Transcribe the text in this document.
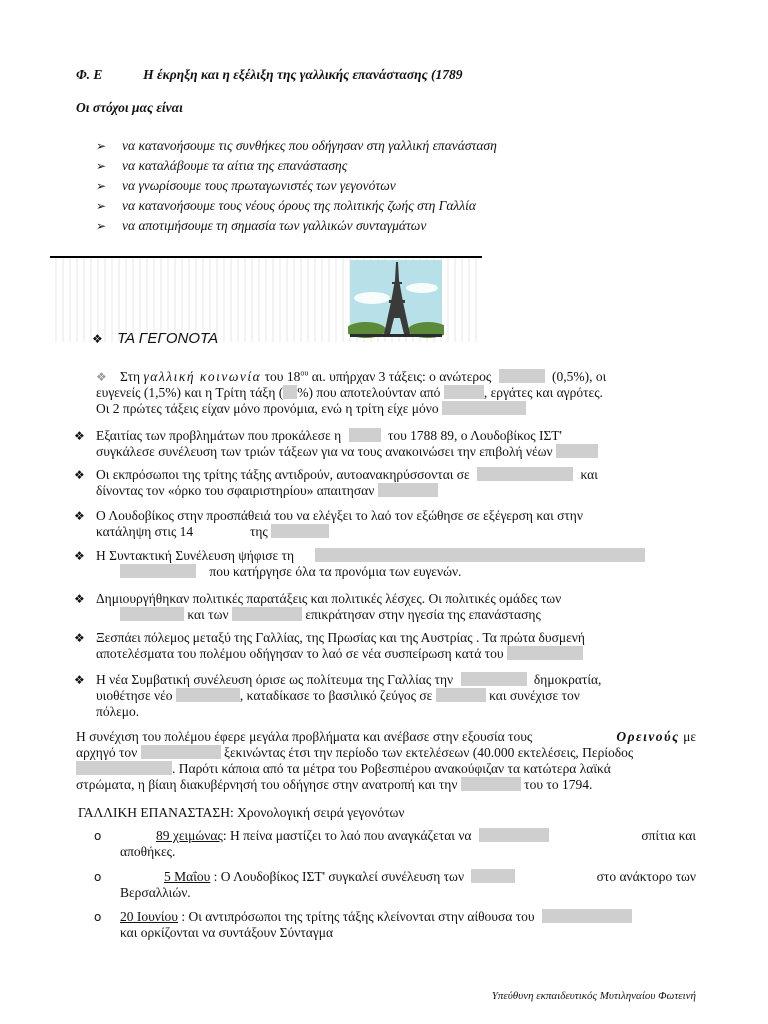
Φ. Ε	Η έκρηξη και η εξέλιξη της γαλλικής επανάστασης (1789
Οι στόχοι μας είναι
➢ να κατανοήσουμε τις συνθήκες που οδήγησαν στη γαλλική επανάσταση
➢ να καταλάβουμε τα αίτια της επανάστασης
➢ να γνωρίσουμε τους πρωταγωνιστές των γεγονότων
➢ να κατανοήσουμε τους νέους όρους της πολιτικής ζωής στη Γαλλία
➢ να αποτιμήσουμε τη σημασία των γαλλικών συνταγμάτων
❖ ΤΑ ΓΕΓΟΝΟΤΑ
❖ Στη γαλλική κοινωνία του $18^{o\upsilon}$ αι. υπήρχαν 3 τάξεις: ο ανώτερος	(0,5%), οι
ευγενείς (1,5%) και η Τρίτη τάξη ( %) που αποτελούνταν από	, εργάτες και αγρότες.
Οι 2 πρώτες τάξεις είχαν μόνο προνόμια, ενώ η τρίτη είχε μόνο
❖ Εξαιτίας των προβλημάτων που προκάλεσε η	του 1788 89, ο Λουδοβίκος ΙΣΤ'
συγκάλεσε συνέλευση των τριών τάξεων για να τους ανακοινώσει την επιβολή νέων
❖ Οι εκπρόσωποι της τρίτης τάξης αντιδρούν, αυτοανακηρύσσονται σε	και
δίνοντας τον «όρκο του σφαιριστηρίου» απαιτησαν
❖ Ο Λουδοβίκος στην προσπάθειά του να ελέγξει το λαό τον εξώθησε σε εξέγερση και στην
κατάληψη στις 14	της
❖ Η Συντακτική Συνέλευση ψήφισε τη
που κατήργησε όλα τα προνόμια των ευγενών.
❖ Δημιουργήθηκαν πολιτικές παρατάξεις και πολιτικές λέσχες. Οι πολιτικές ομάδες των
και των	επικράτησαν στην ηγεσία της επανάστασης
❖ Ξεσπάει πόλεμος μεταξύ της Γαλλίας, της Πρωσίας και της Αυστρίας . Τα πρώτα δυσμενή
αποτελέσματα του πολέμου οδήγησαν το λαό σε νέα συσπείρωση κατά του
❖ Η νέα Συμβατική συνέλευση όρισε ως πολίτευμα της Γαλλίας την	δημοκρατία,
υιοθέτησε νέο	, καταδίκασε το βασιλικό ζεύγος σε	και συνέχισε τον
πόλεμο.
Η συνέχιση του πολέμου έφερε μεγάλα προβλήματα και ανέβασε στην εξουσία τους	Ορεινούς με
αρχηγό τον	ξεκινώντας έτσι την περίοδο των εκτελέσεων (40.000 εκτελέσεις, Περίοδος
. Παρότι κάποια από τα μέτρα του Ροβεσπιέρου ανακούφιζαν τα κατώτερα λαϊκά
στρώματα, η βίαιη διακυβέρνησή του οδήγησε στην ανατροπή και την	του το 1794.
ΓΑΛΛΙΚΗ ΕΠΑΝΑΣΤΑΣΗ: Χρονολογική σειρά γεγονότων
o	89 χειμώνας: Η πείνα μαστίζει το λαό που αναγκάζεται να	σπίτια και
αποθήκες.
o	5 Μαΐου : Ο Λουδοβίκος ΙΣΤ' συγκαλεί συνέλευση των	στο ανάκτορο των
Βερσαλλιών.
o 20 Ιουνίου : Οι αντιπρόσωποι της τρίτης τάξης κλείνονται στην αίθουσα του
και ορκίζονται να συντάξουν Σύνταγμα
Υπεύθυνη εκπαιδευτικός Μυτιληναίου Φωτεινή
